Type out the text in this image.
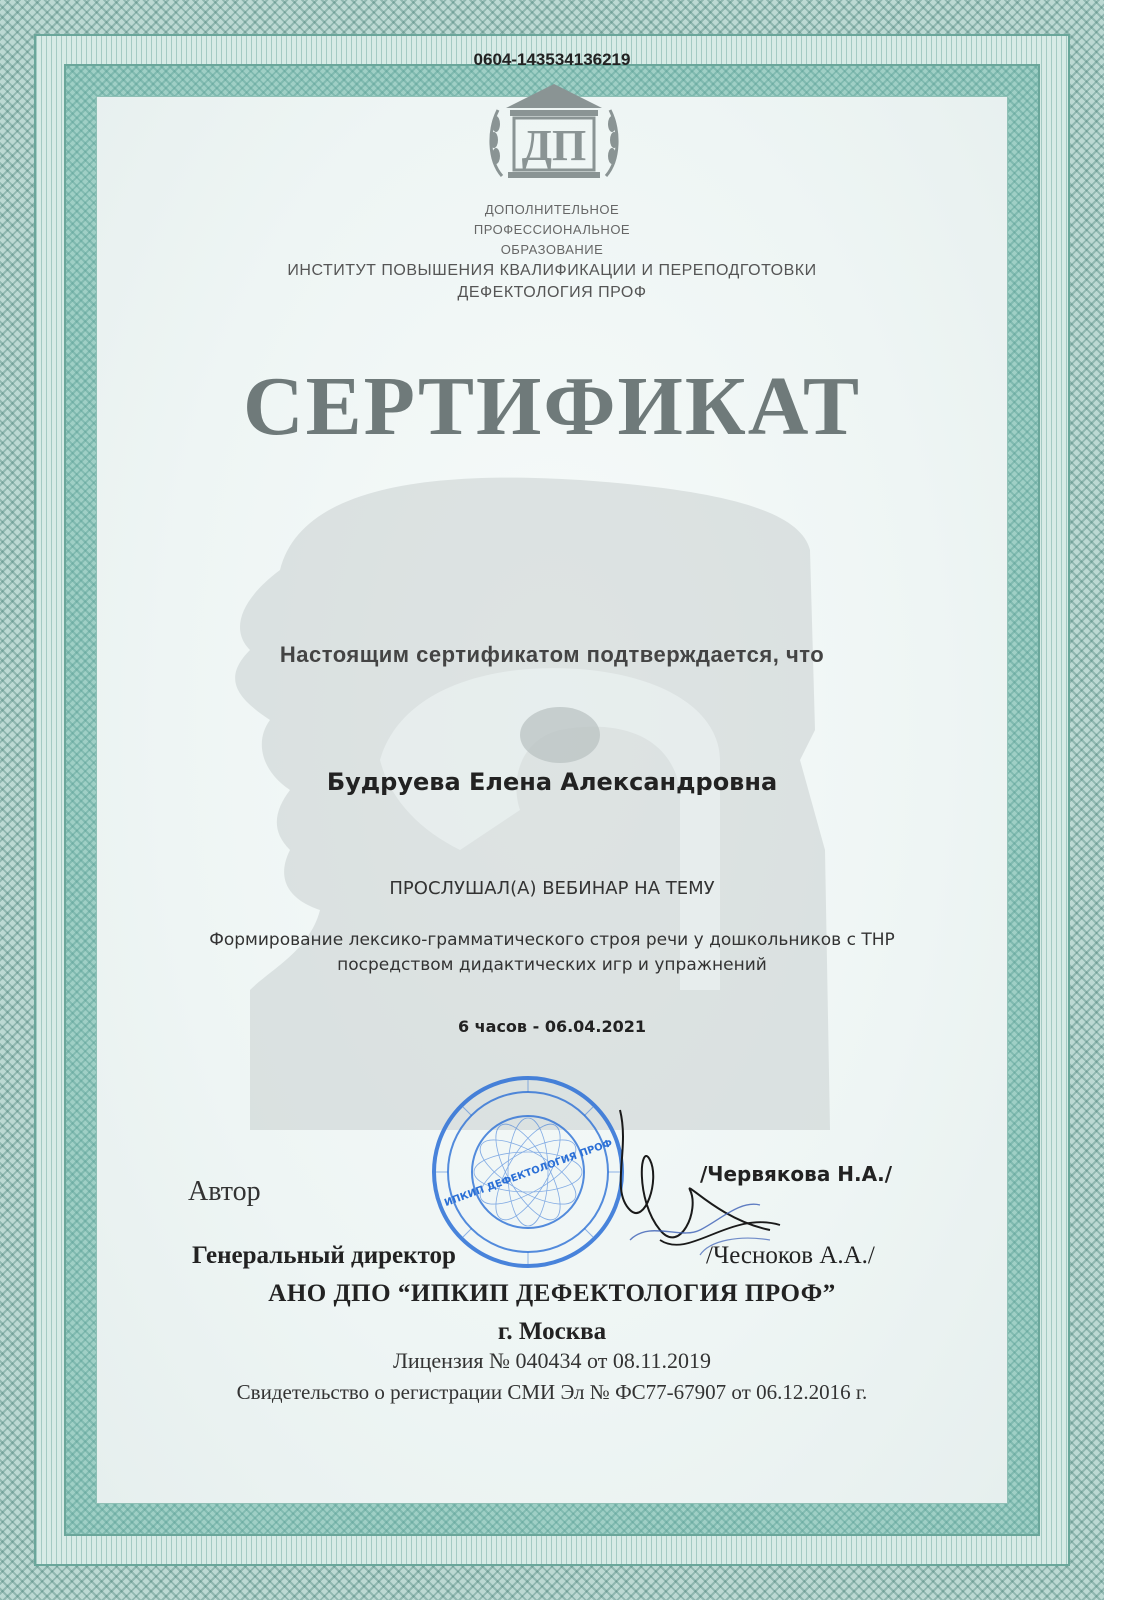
0604-143534136219
ДП
ДОПОЛНИТЕЛЬНОЕ
ПРОФЕССИОНАЛЬНОЕ
ОБРАЗОВАНИЕ
ИНСТИТУТ ПОВЫШЕНИЯ КВАЛИФИКАЦИИ И ПЕРЕПОДГОТОВКИ
ДЕФЕКТОЛОГИЯ ПРОФ
СЕРТИФИКАТ
Настоящим сертификатом подтверждается, что
Будруева Елена Александровна
ПРОСЛУШАЛ(А) ВЕБИНАР НА ТЕМУ
Формирование лексико-грамматического строя речи у дошкольников с ТНР посредством дидактических игр и упражнений
6 часов - 06.04.2021
Автор
/Червякова Н.А./
Генеральный директор	/Чесноков А.А./
ИПКИП ДЕФЕКТОЛОГИЯ ПРОФ
АНО ДПО “ИПКИП ДЕФЕКТОЛОГИЯ ПРОФ”
г. Москва
Лицензия № 040434 от 08.11.2019
Свидетельство о регистрации СМИ Эл № ФС77-67907 от 06.12.2016 г.
